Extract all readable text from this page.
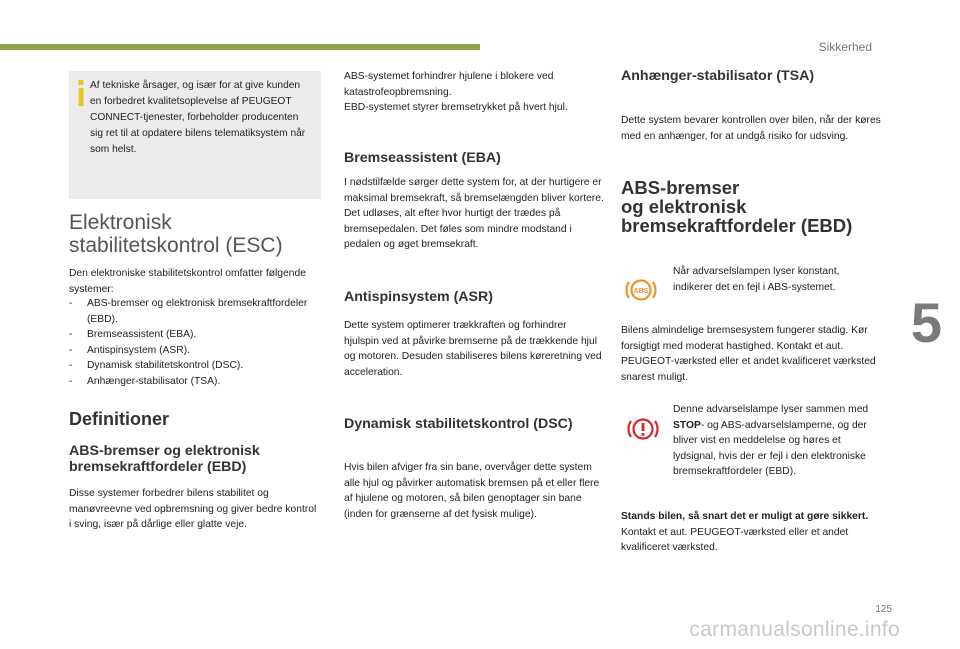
Sikkerhed
5
125
carmanualsonline.info

Af tekniske årsager, og især for at give kunden en forbedret kvalitetsoplevelse af PEUGEOT CONNECT-tjenester, forbeholder producenten sig ret til at opdatere bilens telematiksystem når som helst.

Elektronisk
stabilitetskontrol (ESC)

Den elektroniske stabilitetskontrol omfatter følgende systemer:

- ABS-bremser og elektronisk bremsekraftfordeler (EBD).
- Bremseassistent (EBA).
- Antispinsystem (ASR).
- Dynamisk stabilitetskontrol (DSC).
- Anhænger-stabilisator (TSA).
Definitioner
ABS-bremser og elektronisk bremsekraftfordeler (EBD)

Disse systemer forbedrer bilens stabilitet og manøvreevne ved opbremsning og giver bedre kontrol i sving, især på dårlige eller glatte veje.

ABS-systemet forhindrer hjulene i blokere ved katastrofeopbremsning.

EBD-systemet styrer bremsetrykket på hvert hjul.

Bremseassistent (EBA)

I nødstilfælde sørger dette system for, at der hurtigere er maksimal bremsekraft, så bremselængden bliver kortere.

Det udløses, alt efter hvor hurtigt der trædes på bremsepedalen. Det føles som mindre modstand i pedalen og øget bremsekraft.

Antispinsystem (ASR)

Dette system optimerer trækkraften og forhindrer hjulspin ved at påvirke bremserne på de trækkende hjul og motoren. Desuden stabiliseres bilens køreretning ved acceleration.

Dynamisk stabilitetskontrol (DSC)

Hvis bilen afviger fra sin bane, overvåger dette system alle hjul og påvirker automatisk bremsen på et eller flere af hjulene og motoren, så bilen genoptager sin bane (inden for grænserne af det fysisk mulige).

Anhænger-stabilisator (TSA)

Dette system bevarer kontrollen over bilen, når der køres med en anhænger, for at undgå risiko for udsving.

ABS-bremser
og elektronisk
bremsekraftfordeler (EBD)
ABS

Når advarselslampen lyser konstant, indikerer det en fejl i ABS-systemet.

Bilens almindelige bremsesystem fungerer stadig. Kør forsigtigt med moderat hastighed. Kontakt et aut. PEUGEOT-værksted eller et andet kvalificeret værksted snarest muligt.

Denne advarselslampe lyser sammen med STOP- og ABS-advarselslamperne, og der bliver vist en meddelelse og høres et lydsignal, hvis der er fejl i den elektroniske bremsekraftfordeler (EBD).

Stands bilen, så snart det er muligt at gøre sikkert.

Kontakt et aut. PEUGEOT-værksted eller et andet kvalificeret værksted.
